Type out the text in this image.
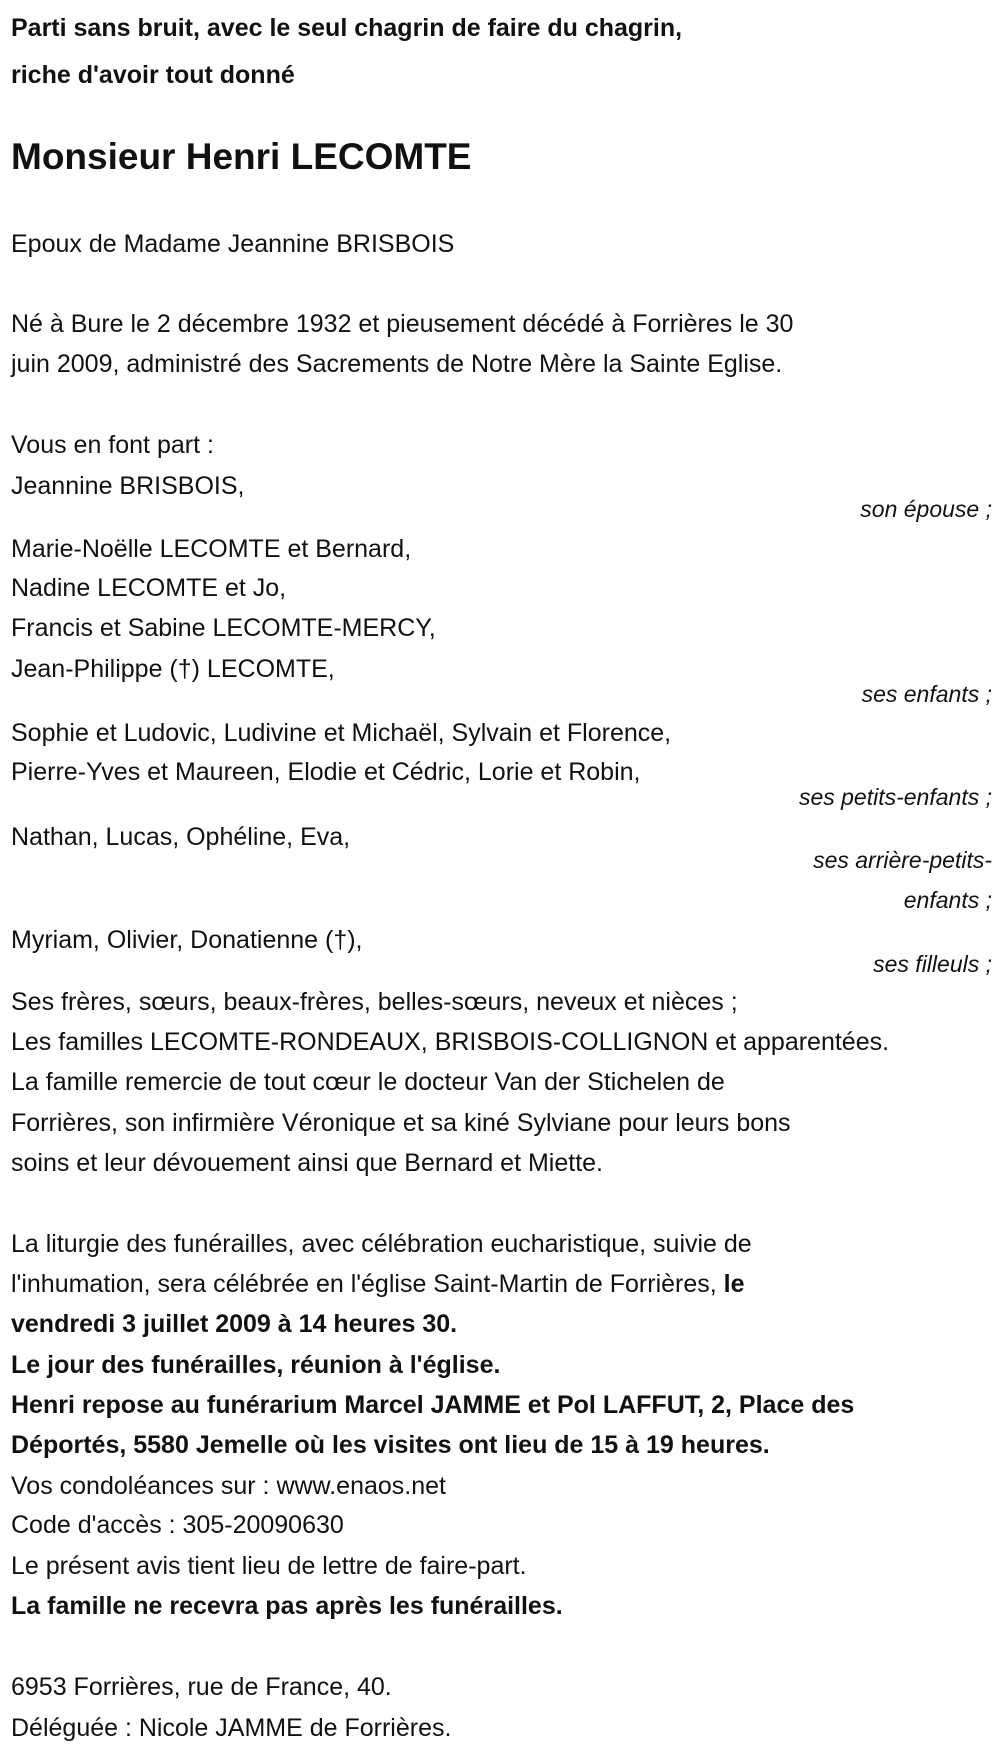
Parti sans bruit, avec le seul chagrin de faire du chagrin,
riche d'avoir tout donné
Monsieur Henri LECOMTE
Epoux de Madame Jeannine BRISBOIS
Né à Bure le 2 décembre 1932 et pieusement décédé à Forrières le 30
juin 2009, administré des Sacrements de Notre Mère la Sainte Eglise.
Vous en font part :
Jeannine BRISBOIS,
son épouse ;
Marie-Noëlle LECOMTE et Bernard,
Nadine LECOMTE et Jo,
Francis et Sabine LECOMTE-MERCY,
Jean-Philippe (†) LECOMTE,
ses enfants ;
Sophie et Ludovic, Ludivine et Michaël, Sylvain et Florence,
Pierre-Yves et Maureen, Elodie et Cédric, Lorie et Robin,
ses petits-enfants ;
Nathan, Lucas, Ophéline, Eva,
ses arrière-petits-
enfants ;
Myriam, Olivier, Donatienne (†),
ses filleuls ;
Ses frères, sœurs, beaux-frères, belles-sœurs, neveux et nièces ;
Les familles LECOMTE-RONDEAUX, BRISBOIS-COLLIGNON et apparentées.
La famille remercie de tout cœur le docteur Van der Stichelen de
Forrières, son infirmière Véronique et sa kiné Sylviane pour leurs bons
soins et leur dévouement ainsi que Bernard et Miette.
La liturgie des funérailles, avec célébration eucharistique, suivie de
l'inhumation, sera célébrée en l'église Saint-Martin de Forrières, le
vendredi 3 juillet 2009 à 14 heures 30.
Le jour des funérailles, réunion à l'église.
Henri repose au funérarium Marcel JAMME et Pol LAFFUT, 2, Place des
Déportés, 5580 Jemelle où les visites ont lieu de 15 à 19 heures.
Vos condoléances sur : www.enaos.net
Code d'accès : 305-20090630
Le présent avis tient lieu de lettre de faire-part.
La famille ne recevra pas après les funérailles.
6953 Forrières, rue de France, 40.
Déléguée : Nicole JAMME de Forrières.
